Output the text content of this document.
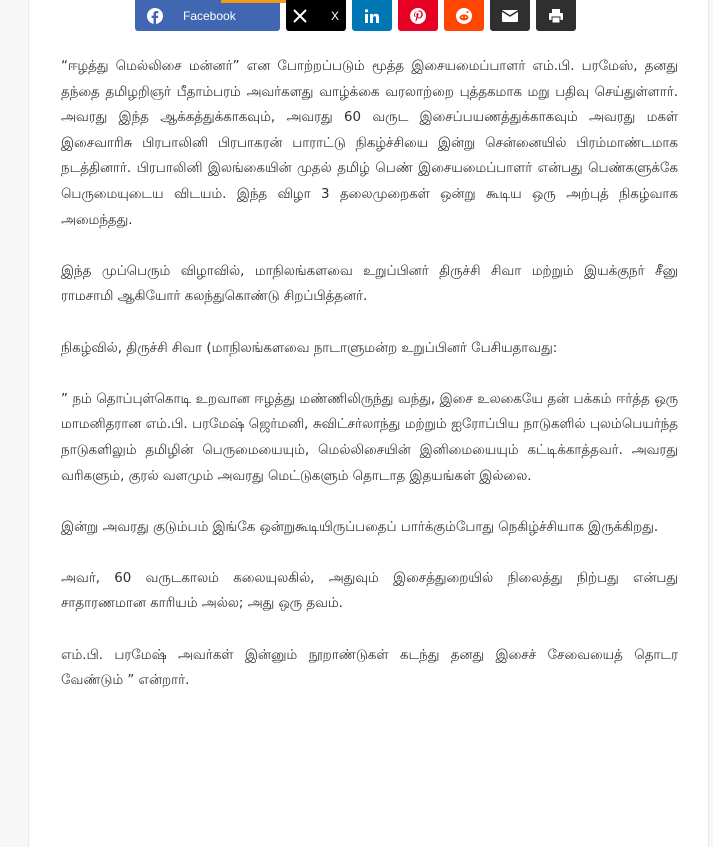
Facebook	X

“ஈழத்து மெல்லிசை மன்னர்” என போற்றப்படும் மூத்த இசையமைப்பாளர் எம்.பி. பரமேஸ், தனது தந்தை தமிழறிஞர் பீதாம்பரம் அவர்களது வாழ்க்கை வரலாற்றை புத்தகமாக மறு பதிவு செய்துள்ளார். அவரது இந்த ஆக்கத்துக்காகவும், அவரது 60 வருட இசைப்பயணத்துக்காகவும் அவரது மகள் இசைவாரிசு பிரபாலினி பிரபாகரன் பாராட்டு நிகழ்ச்சியை இன்று சென்னையில் பிரம்மாண்டமாக நடத்தினார். பிரபாலினி இலங்கையின் முதல் தமிழ் பெண் இசையமைப்பாளர் என்பது பெண்களுக்கே பெருமையுடைய விடயம். இந்த விழா 3 தலைமுறைகள் ஒன்று கூடிய ஒரு அற்புத் நிகழ்வாக அமைந்தது.

இந்த முப்பெரும் விழாவில், மாநிலங்களவை உறுப்பினர் திருச்சி சிவா மற்றும் இயக்குநர் சீனு ராமசாமி ஆகியோர் கலந்துகொண்டு சிறப்பித்தனர்.

நிகழ்வில், திருச்சி சிவா (மாநிலங்களவை நாடாளுமன்ற உறுப்பினர் பேசியதாவது:

” நம் தொப்புள்கொடி உறவான ஈழத்து மண்ணிலிருந்து வந்து, இசை உலகையே தன் பக்கம் ஈர்த்த ஒரு மாமனிதரான எம்.பி. பரமேஷ் ஜெர்மனி, சுவிட்சர்லாந்து மற்றும் ஐரோப்பிய நாடுகளில் புலம்பெயர்ந்த நாடுகளிலும் தமிழின் பெருமையையும், மெல்லிசையின் இனிமையையும் கட்டிக்காத்தவர். அவரது வரிகளும், குரல் வளமும் அவரது மெட்டுகளும் தொடாத இதயங்கள் இல்லை.

இன்று அவரது குடும்பம் இங்கே ஒன்றுகூடியிருப்பதைப் பார்க்கும்போது நெகிழ்ச்சியாக இருக்கிறது.

அவர், 60 வருடகாலம் கலையுலகில், அதுவும் இசைத்துறையில் நிலைத்து நிற்பது என்பது சாதாரணமான காரியம் அல்ல; அது ஒரு தவம்.

எம்.பி. பரமேஷ் அவர்கள் இன்னும் நூறாண்டுகள் கடந்து தனது இசைச் சேவையைத் தொடர வேண்டும் ” என்றார்.
